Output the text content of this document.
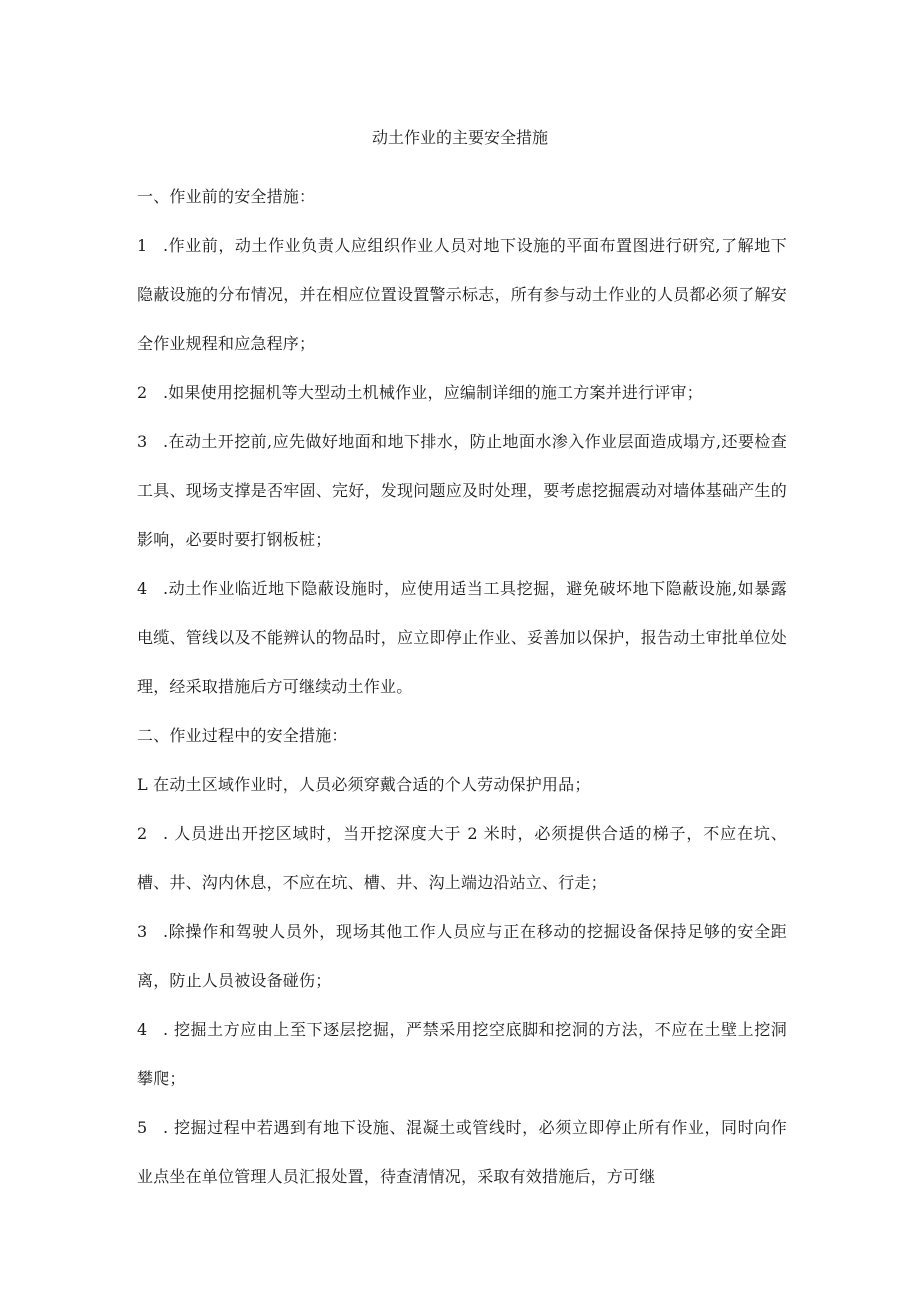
动土作业的主要安全措施

一、作业前的安全措施：

1 .作业前，动土作业负责人应组织作业人员对地下设施的平面布置图进行研究,了解地下隐蔽设施的分布情况，并在相应位置设置警示标志，所有参与动土作业的人员都必须了解安全作业规程和应急程序；

2 .如果使用挖掘机等大型动土机械作业，应编制详细的施工方案并进行评审；

3 .在动土开挖前,应先做好地面和地下排水，防止地面水渗入作业层面造成塌方,还要检查工具、现场支撑是否牢固、完好，发现问题应及时处理，要考虑挖掘震动对墙体基础产生的影响，必要时要打钢板桩；

4 .动土作业临近地下隐蔽设施时，应使用适当工具挖掘，避免破坏地下隐蔽设施,如暴露电缆、管线以及不能辨认的物品时，应立即停止作业、妥善加以保护，报告动土审批单位处理，经采取措施后方可继续动土作业。

二、作业过程中的安全措施：

L 在动土区域作业时，人员必须穿戴合适的个人劳动保护用品；

2 . 人员进出开挖区域时，当开挖深度大于 2 米时，必须提供合适的梯子，不应在坑、槽、井、沟内休息，不应在坑、槽、井、沟上端边沿站立、行走；

3 .除操作和驾驶人员外，现场其他工作人员应与正在移动的挖掘设备保持足够的安全距离，防止人员被设备碰伤；

4 . 挖掘土方应由上至下逐层挖掘，严禁采用挖空底脚和挖洞的方法，不应在土壁上挖洞攀爬；

5 . 挖掘过程中若遇到有地下设施、混凝土或管线时，必须立即停止所有作业，同时向作业点坐在单位管理人员汇报处置，待查清情况，采取有效措施后，方可继
